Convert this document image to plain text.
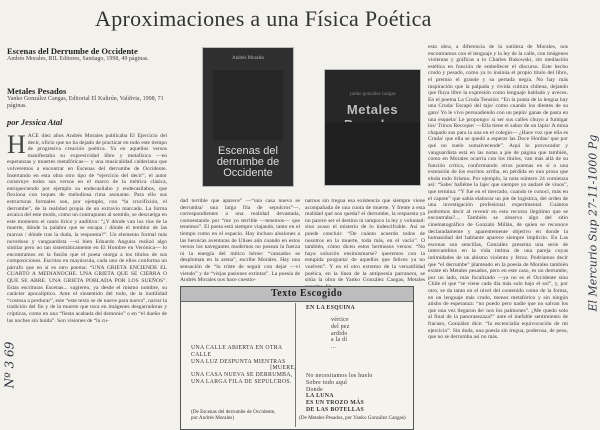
Aproximaciones a una Física Poética
Escenas del Derrumbe de Occidente
Andrés Morales, RIL Editores, Santiago, 1998, 49 páginas.
Metales Pesados
Yanko González Cangas, Editorial El Kultrún, Valdivia, 1998, 71 páginas.
por Jessica Atal
H ACE diez años Andrés Morales publicaba El Ejercicio del decir, oficio que no ha dejado de practicar en todo este tiempo de progresiva creación poética. Ya en aquellos versos manifestaba su expresividad libre y metafísica —en esperanzas y muertes metafóricas— y una musicalidad calderiana que volveremos a encontrar en Escenas del derrumbe de Occidente. Insertando en esta obra otro tipo de “ejercicio del decir”, el autor construye todos sus versos en el marco de la métrica clásica, enriqueciendo por ejemplo su endecasílabo y endecasílabos, que flexiona con toques de melodiosa rima asonante. Para ello sus estructuras formales son, por ejemplo, con “la crucifixión, el derrumbe”, de la realidad propia de un extravío marcado. La forma arcaica del este modo, como un contrapunto al sentido, se descuelga en este momento el canto lírico y auditivo: “¿Y dónde van los ríos de la muerte, dónde la palabra que se escapa / dónde el temblor de las marcas / dónde tras la duda, la respuesta?”. Un elemento formal más novedoso y vanguardista —si bien Eduardo Anguita realizó algo similar pero no tan sistemáticamente en El Hombre en Verónica— lo encontramos en la fusión que el poeta otorga a los títulos de sus composiciones. Escritos en mayúscula, cada uno de ellos conforma un párrafo que en sí es otro poema: “UNA GRIETA ENCIENDE EL CUARTO A MEDIANOCHE. UNA GRIETA QUE SE CIERRA O QUE SE ABRE. UNA GRIETA POBLADA POR LOS SUEÑOS”. Estas escrituras Escenas... sugieren, ya desde el mismo nombre, su carácter apocalíptico. Ante el sinsentido del todo, de la inutilidad “costosa a perdurar”, este “este texto se de nueve para nueva”, narrar la tradición del fin y de la muerte que toca en imágenes desgarradoras y crípticas, como en una “fiesta acabada del demonio” o en “el dueño de las noches sin huida”. Son visiones de “la cu-

Andrés Morales
Escenas del derrumbe de Occidente
yanko gonzález cangas
Metales

dad terrible que aparece” —“una casa nueva se derrumba/ una larga fila de sepulcros”—, correspondientes a una realidad devastada, comoestando por “me yo terrible —tenemos— que tenemos”. El poeta está siempre viajando, tanto en el tiempo como en el espacio. Hay incluso alusiones a las heroicas aventuras de Ulises aún cuando en estos versos los navegantes modernos no posean la fuerza ni la energía del mítico héroe: “cansados se desploman en la arena”, escribe Morales. Hay una sensación de “lo triste de seguir con dejar —vi viendo” y de “viejas pasiones extintas”. La poesía de Andrés Morales nos hace cuestio-

narnos sin tregua esa existencia que siempre viene acompañada de una cuota de muerte. Y frente a esta realidad qué nos queda? el derrumbe, la respuesta ya no parece ser el destino ni tampoco la ley y voluntad: sino acaso el misterio de lo indescifrable. Así se puede concluir: “De cuánto acuerdo todos de nosotros en la muerte, toda más, en el vacío”. O también, cómo dicen estos hermosos versos: “No haya solución ensimismarse? queremos con la estupida porgunta/ de aquellos que felices ya no vuelven”. Y en el otro extremo de la versatilidad poética, en la línea de la antipoesía parranera, se sitúa la obra de Yanko González Cangas, Metales

esta obra, a diferencia de la sutileza de Morales, nos encontramos con el lenguaje y la ley de la calle, con imágenes violentas y gráficas a lo Charles Bukowski, sin mediación estética en función de embellecer el discurso. Este hecho crudo y pesado, como ya lo insinúa el propio título del libro, el premio el grande y su pertada negra. No hay más inspiración que la palpada y vivida cultura chilena, dejando que fluya libre la expresión como lenguaje hablado y aveces. En el poema La Cruda Tensión: “En la punta de la lengua hay una Cruda/ Escapó del tajo/ como cuando los dientes de su gato/ Yo le vivo persuadiendo con un pepín/ ganas de pasta en una esquela/ Le propongo/ si ser sus calles chuyo a fumigar los/ Trinos Recoque/ —Ella tiene el sabor de un lápiz/ A mina chapado sus para la una en el colegio— ¿Hace voz que ella es Cruda/ que ella se quedó a esperar las Doce Hordas/ que por qué no suelo sumalvecende”. Aquí lo provocador y vanguardista está en las notas a pie de página que también, como en Morales ocurría con los títulos, van más allá de su función crítica, conformando otros poemas en sí o una extensión de los escritos arriba, en pérdida en una prosa que eluda todo lirismo. Por ejemplo, la nota número 24 comienza así: “Sabe/ halléme la laje/ que siempre yo andaré de vinos”, que termina: “Y fue en el mercado, cuando te conocí, más en el capote” que sabía elaborar un pie de logística, del orden de una investigación profesional experimental. Cuántos podremos decir al revenir en esto recurso ilegítimo que se encontraba?.... También se observa algo del sitio cinematográfico de Gonzalo Millán, de quien se reconoce declaradamente y aparentemente objetivo en donde la humanidad del hablante aparece siempre implícito. En Las escenas son sencillas, González presenta una serie de intercambios en la vida íntima de una pareja cuyas intimidades de un abismo violento y feroz. Podríamos decir que “el derrumbe” planteado en la poesía de Morales también existe en Metales pesados, pero en este caso, es un derrumbe, por un lado, más focalizado —ya no es el Occidente sino Chile el que “se viene cada día más solo bajo el sol”, y, por otro, se da tanto en el nivel del contenido como de la forma, en un lenguaje más crudo, menos metafórico y sin ningún atisbo de esperanza: “no puedo pero nadie que no salvan los que una vez llegaron de/ nos los palmones”. ¿Me quedo solo al final de la panorasezaza?” ante el inefable sentimiento de fracaso, González dice: “la escencialía equivocación de mi ejercicio”. Sin duda, una poesía sin tregua, poderosa, de peso, que no se derrumba así no más.

Texto Escogido
UNA CALLE ABIERTA EN OTRA CALLE
UNA LUZ DESPUNTA MIENTRAS
[MUERE,
UNA CASA NUEVA SE DERRUMBA,
UNA LARGA FILA DE SEPULCROS.
(De Escenas del derrumbe de Occidente,
por Andrés Morales)
EN LA ESQUINA
vértice
del pez
ardido
a la dí
...
No necesitamos los huelo
Sobre todo aquí
Donde
LA LUNA
ES UN TROZO MÁS
DE LAS BOTELLAS
(De Metales Pesados, por Yanko González Cangas)
Nº 3 69
El Mercurio Sup 27-11-1000 Pg
